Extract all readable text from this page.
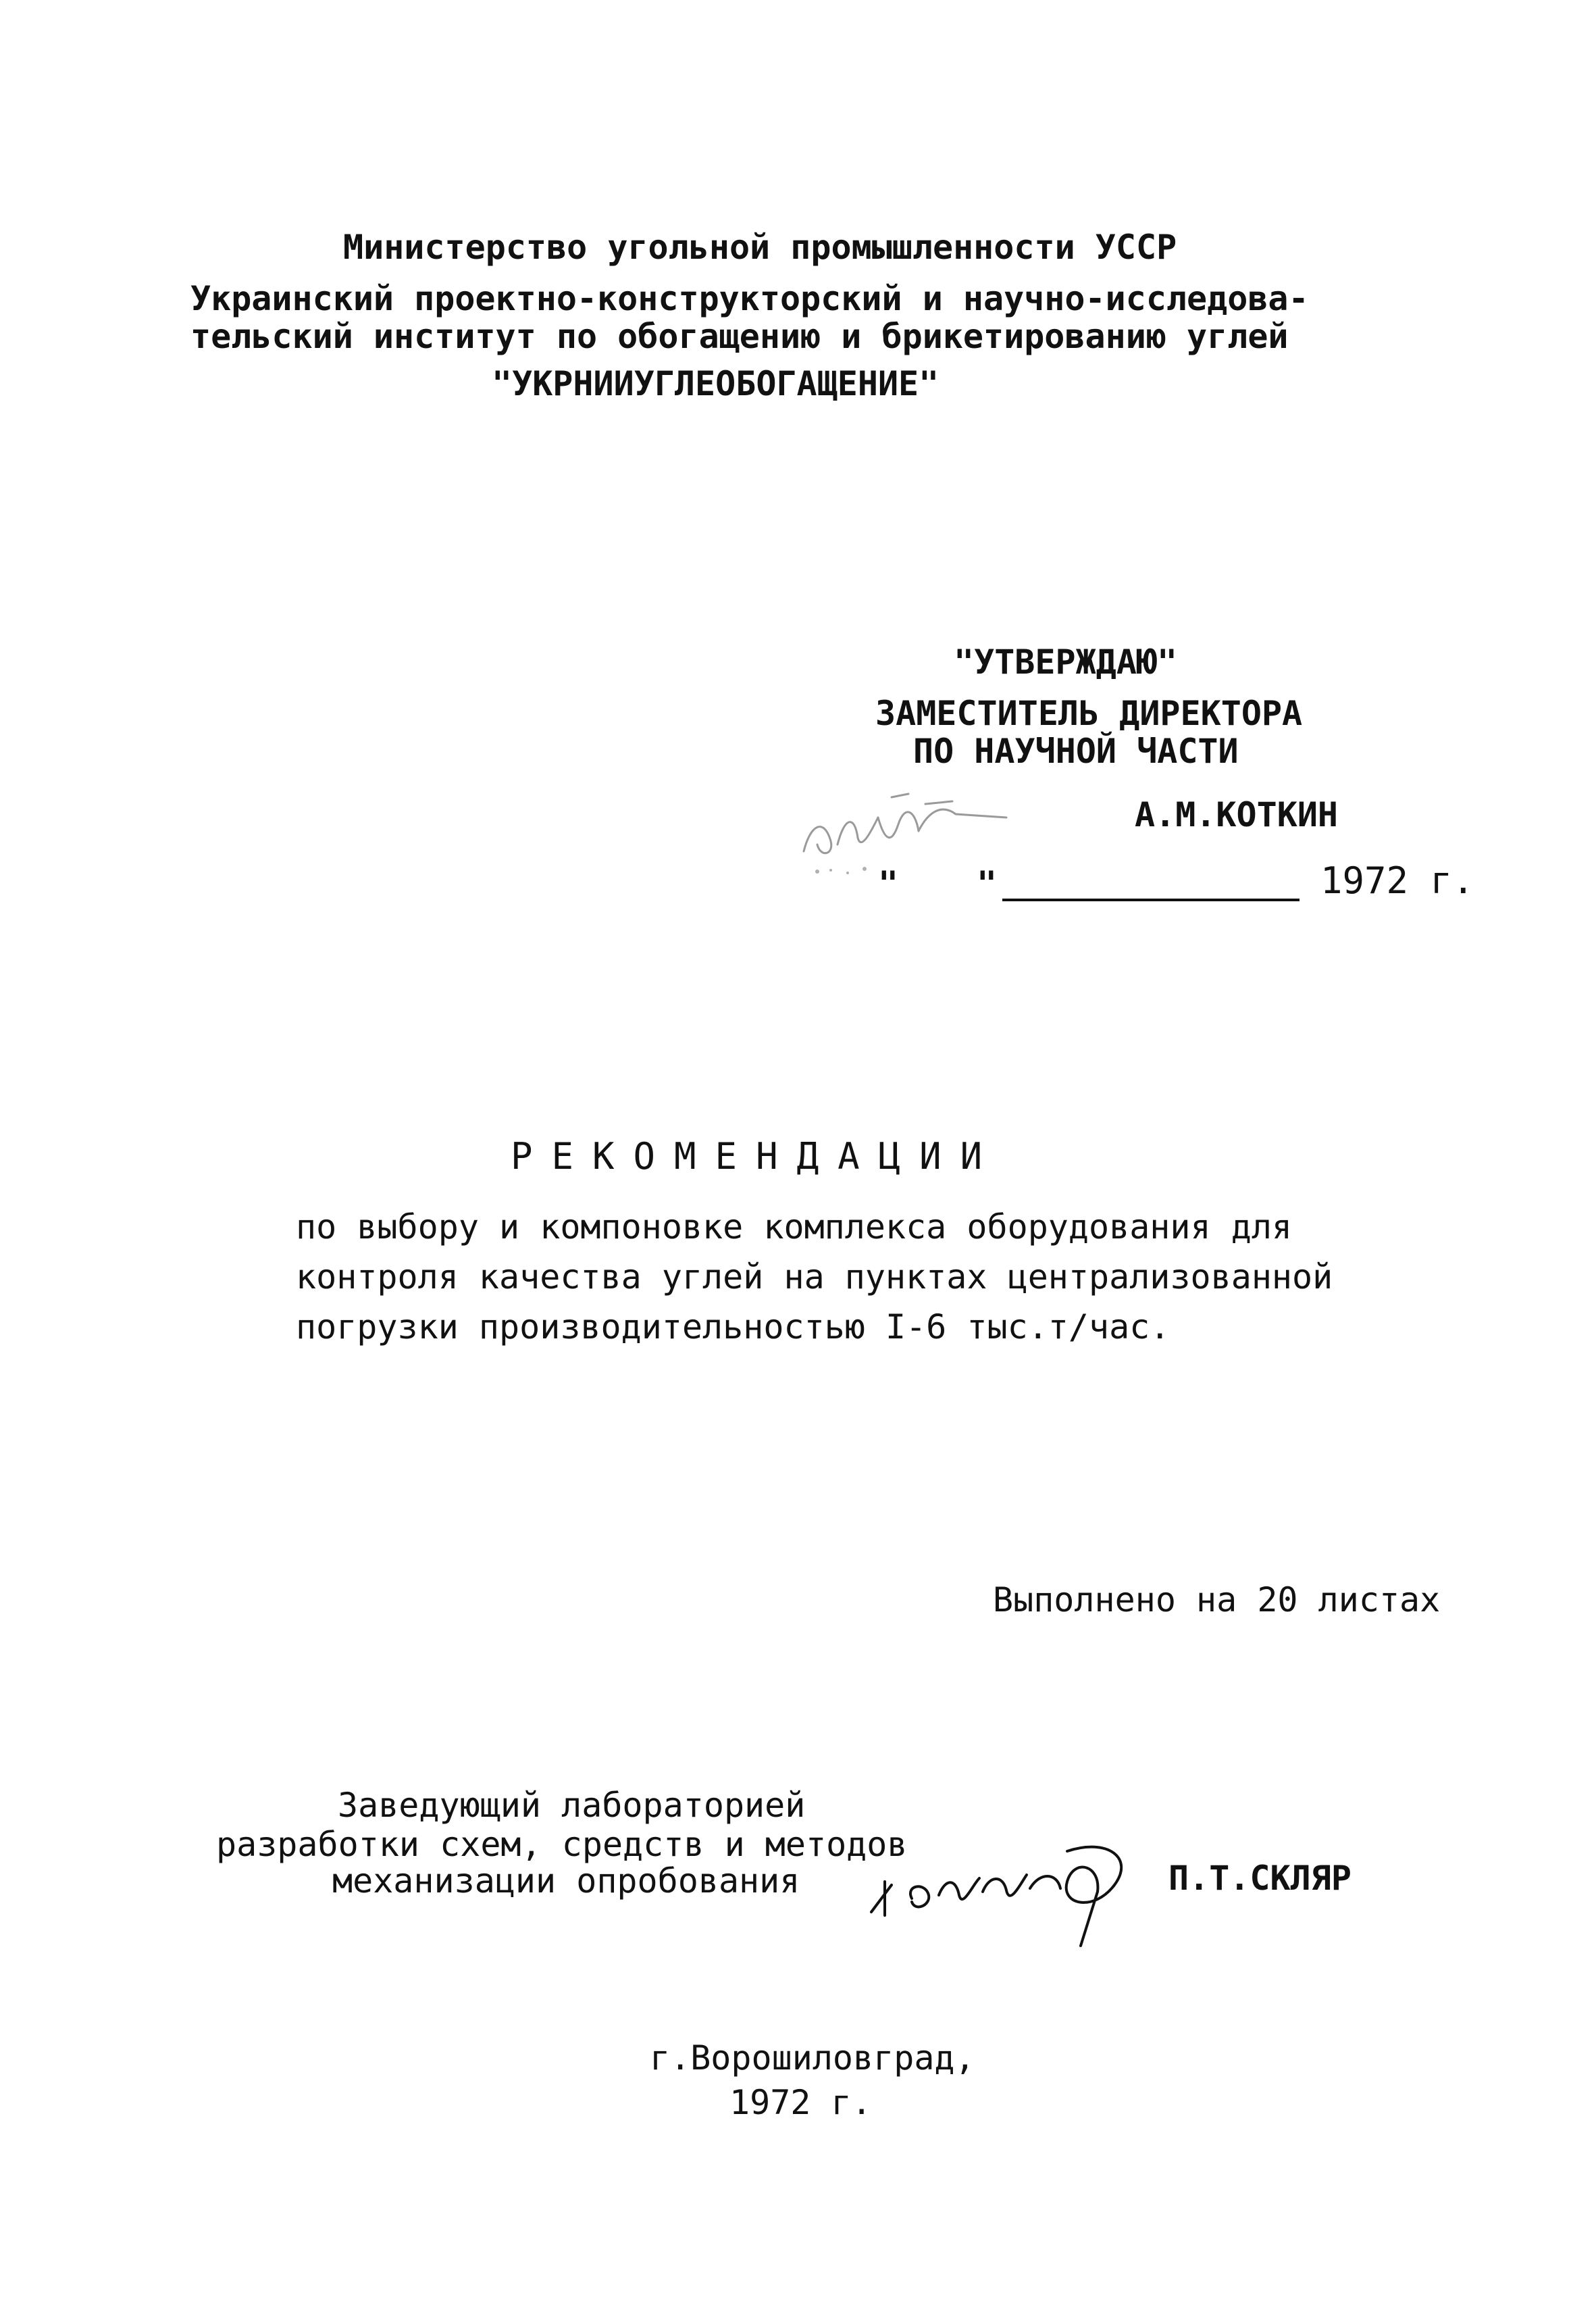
Министерство угольной промышленности УССР
Украинский проектно-конструкторский и научно-исследова-
тельский институт по обогащению и брикетированию углей
"УКРНИИУГЛЕОБОГАЩЕНИЕ"
"УТВЕРЖДАЮ"
ЗАМЕСТИТЕЛЬ ДИРЕКТОРА
ПО НАУЧНОЙ ЧАСТИ
А.М.КОТКИН
" "	1972 г.
РЕКОМЕНДАЦИИ
по выбору и компоновке комплекса оборудования для
контроля качества углей на пунктах централизованной
погрузки производительностью I-6 тыс.т/час.
Выполнено на 20 листах
Заведующий лабораторией
разработки схем, средств и методов
механизации опробования	П.Т.СКЛЯР
г.Ворошиловград,
1972 г.
